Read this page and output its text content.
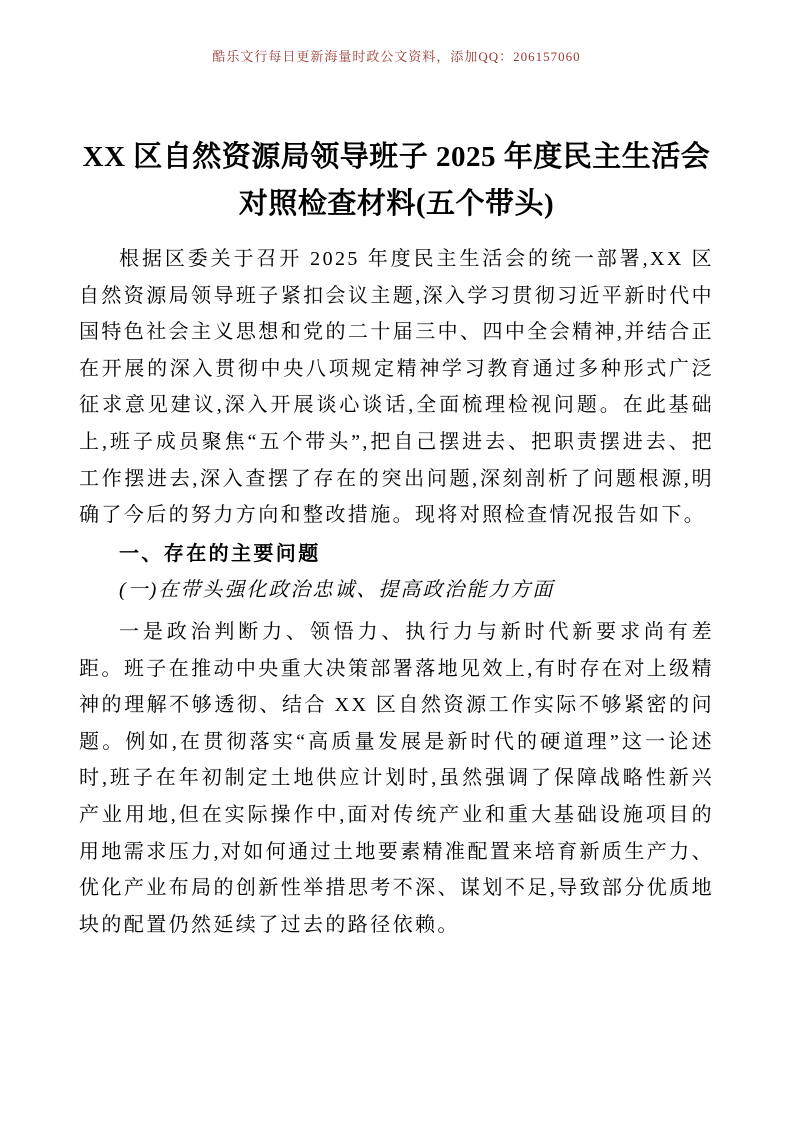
酷乐文行每日更新海量时政公文资料，添加QQ：206157060
XX 区自然资源局领导班子 2025 年度民主生活会对照检查材料(五个带头)

根据区委关于召开 2025 年度民主生活会的统一部署,XX 区自然资源局领导班子紧扣会议主题,深入学习贯彻习近平新时代中国特色社会主义思想和党的二十届三中、四中全会精神,并结合正在开展的深入贯彻中央八项规定精神学习教育通过多种形式广泛征求意见建议,深入开展谈心谈话,全面梳理检视问题。在此基础上,班子成员聚焦“五个带头”,把自己摆进去、把职责摆进去、把工作摆进去,深入查摆了存在的突出问题,深刻剖析了问题根源,明确了今后的努力方向和整改措施。现将对照检查情况报告如下。

一、存在的主要问题
(一)在带头强化政治忠诚、提高政治能力方面

一是政治判断力、领悟力、执行力与新时代新要求尚有差距。班子在推动中央重大决策部署落地见效上,有时存在对上级精神的理解不够透彻、结合 XX 区自然资源工作实际不够紧密的问题。例如,在贯彻落实“高质量发展是新时代的硬道理”这一论述时,班子在年初制定土地供应计划时,虽然强调了保障战略性新兴产业用地,但在实际操作中,面对传统产业和重大基础设施项目的用地需求压力,对如何通过土地要素精准配置来培育新质生产力、优化产业布局的创新性举措思考不深、谋划不足,导致部分优质地块的配置仍然延续了过去的路径依赖。
